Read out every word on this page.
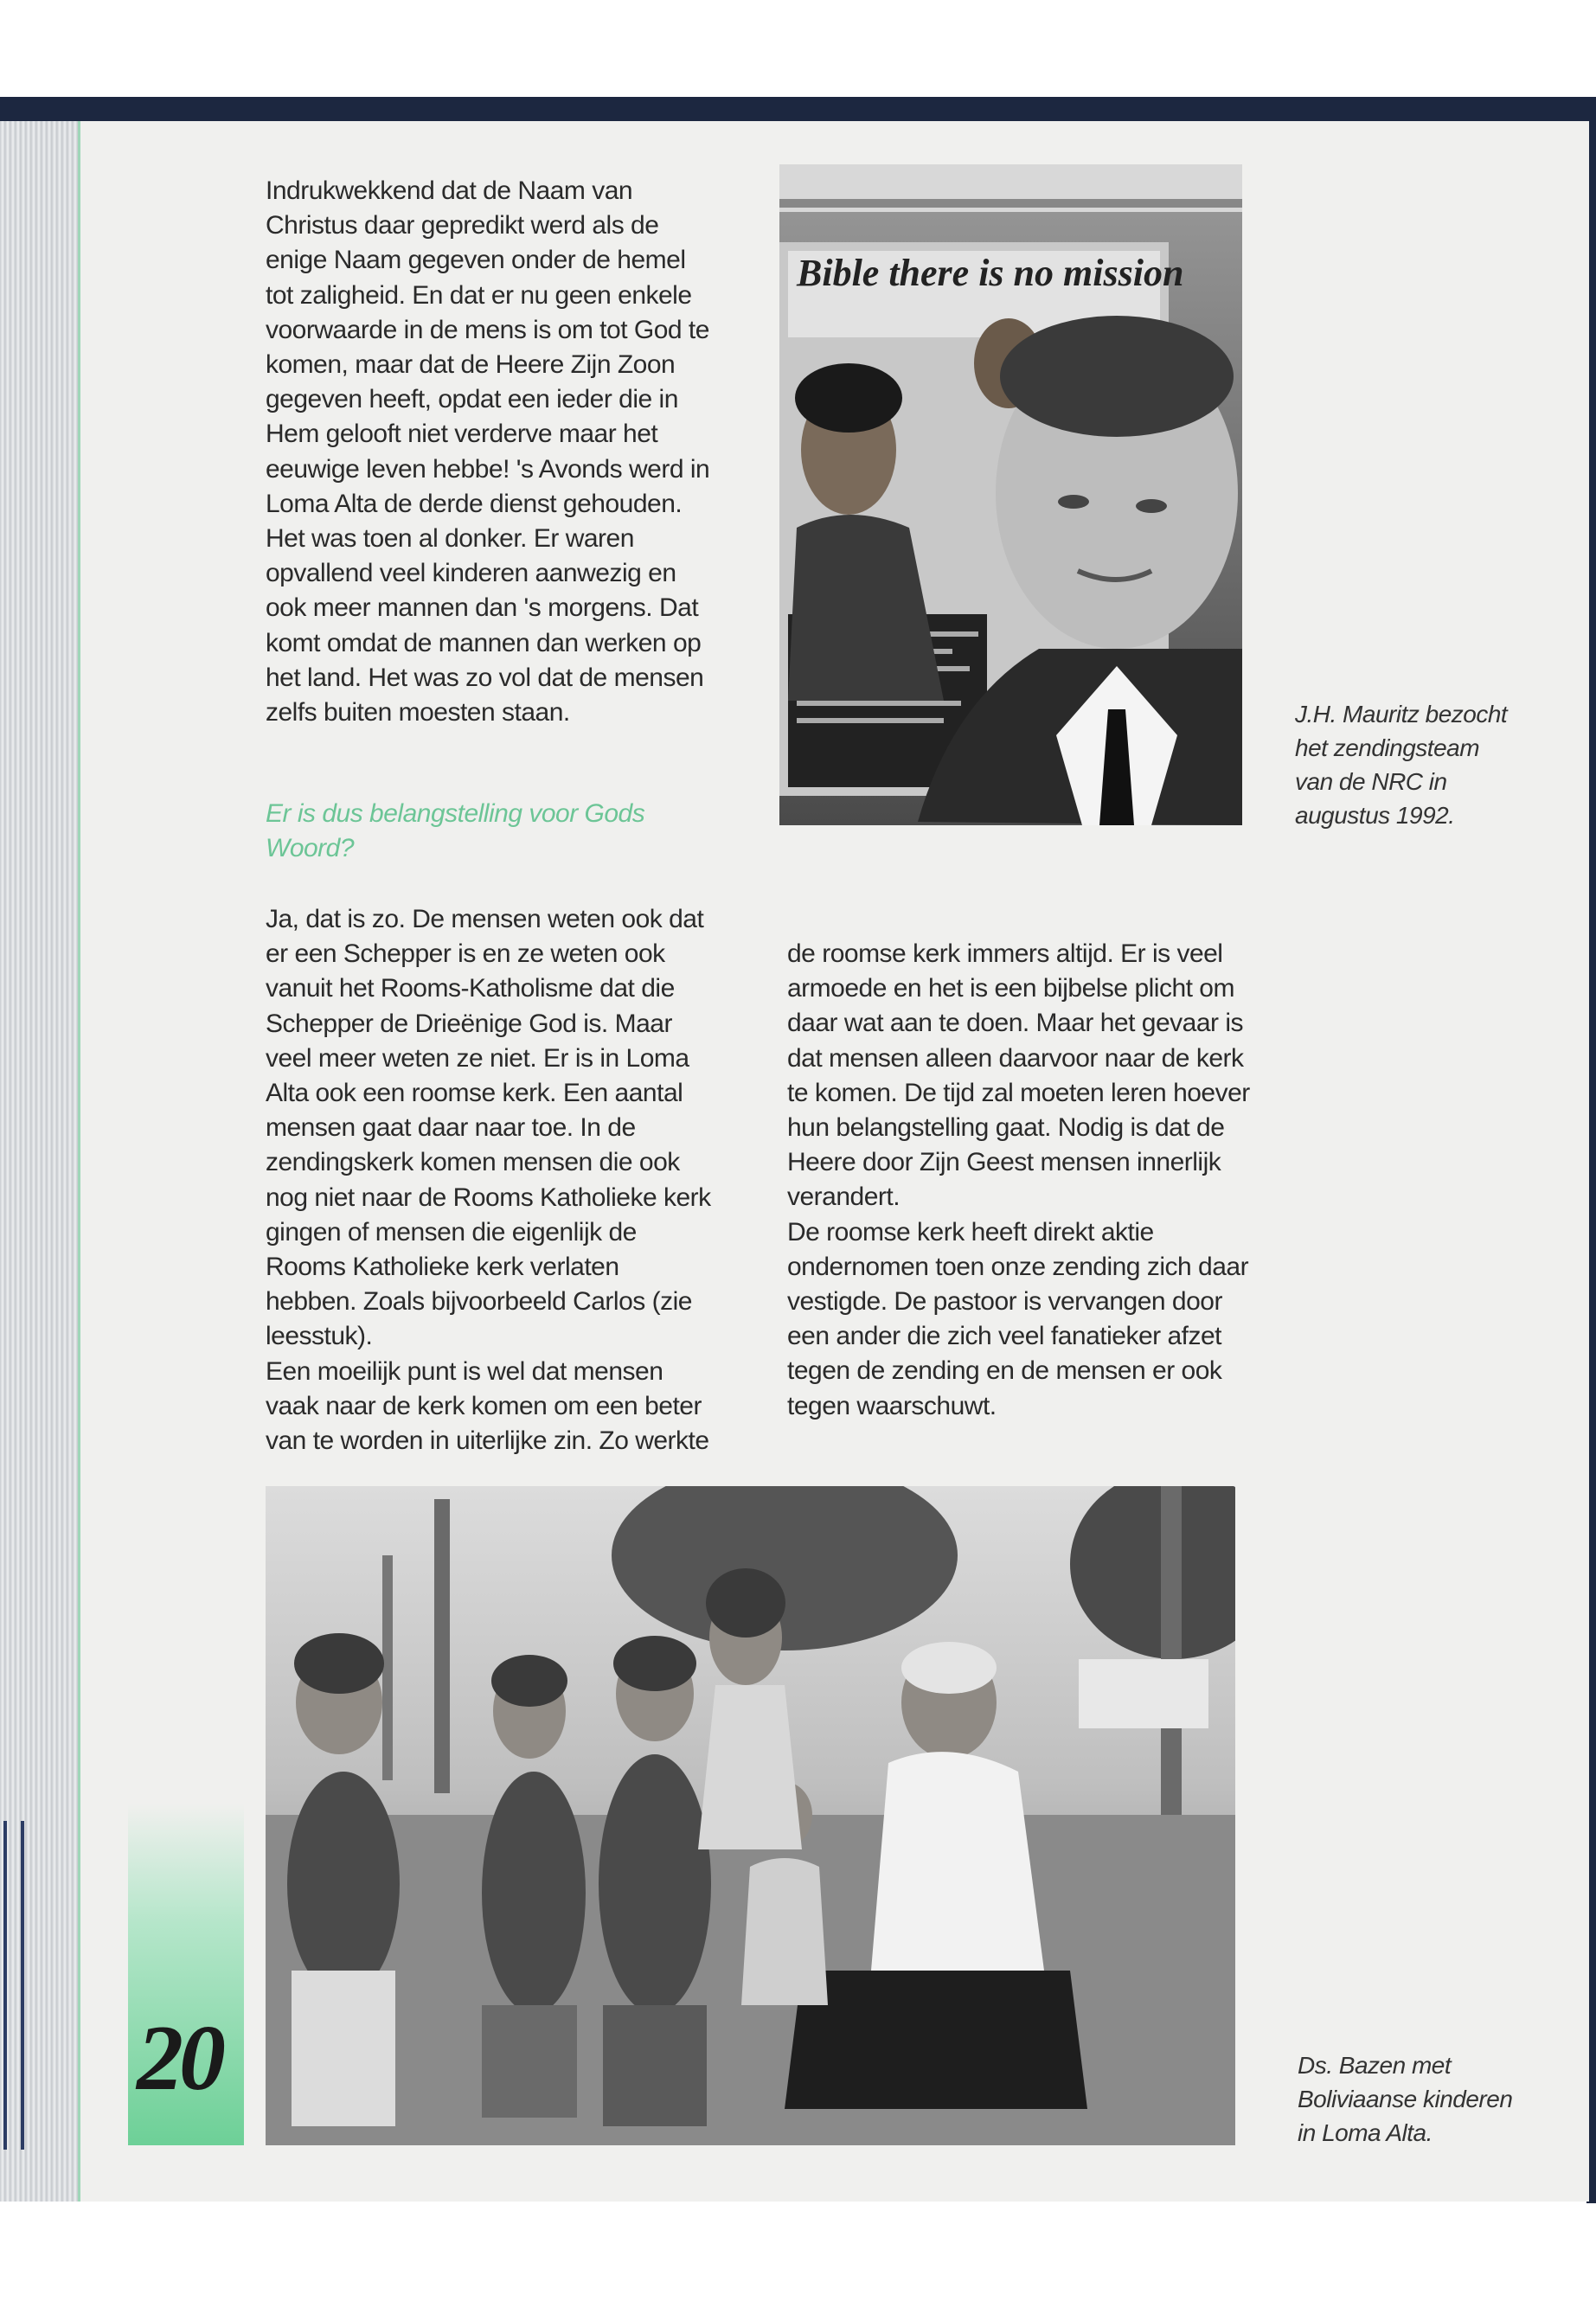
Indrukwekkend dat de Naam van Christus daar gepredikt werd als de enige Naam gegeven onder de hemel tot zaligheid. En dat er nu geen enkele voorwaarde in de mens is om tot God te komen, maar dat de Heere Zijn Zoon gegeven heeft, opdat een ieder die in Hem gelooft niet verderve maar het eeuwige leven hebbe! 's Avonds werd in Loma Alta de derde dienst gehouden. Het was toen al donker. Er waren opvallend veel kinderen aanwezig en ook meer mannen dan 's morgens. Dat komt omdat de mannen dan werken op het land. Het was zo vol dat de mensen zelfs buiten moesten staan.

Er is dus belangstelling voor Gods Woord?

Ja, dat is zo. De mensen weten ook dat er een Schepper is en ze weten ook vanuit het Rooms-Katholisme dat die Schepper de Drieënige God is. Maar veel meer weten ze niet. Er is in Loma Alta ook een roomse kerk. Een aantal mensen gaat daar naar toe. In de zendingskerk komen mensen die ook nog niet naar de Rooms Katholieke kerk gingen of mensen die eigenlijk de Rooms Katholieke kerk verlaten hebben. Zoals bijvoorbeeld Carlos (zie leesstuk).

Een moeilijk punt is wel dat mensen vaak naar de kerk komen om een beter van te worden in uiterlijke zin. Zo werkte

de roomse kerk immers altijd. Er is veel armoede en het is een bijbelse plicht om daar wat aan te doen. Maar het gevaar is dat mensen alleen daarvoor naar de kerk te komen. De tijd zal moeten leren hoever hun belangstelling gaat. Nodig is dat de Heere door Zijn Geest mensen innerlijk verandert.

De roomse kerk heeft direkt aktie ondernomen toen onze zending zich daar vestigde. De pastoor is vervangen door een ander die zich veel fanatieker afzet tegen de zending en de mensen er ook tegen waarschuwt.

Bible there is no mission

J.H. Mauritz bezocht het zendingsteam van de NRC in augustus 1992.

Ds. Bazen met Boliviaanse kinderen in Loma Alta.

20
